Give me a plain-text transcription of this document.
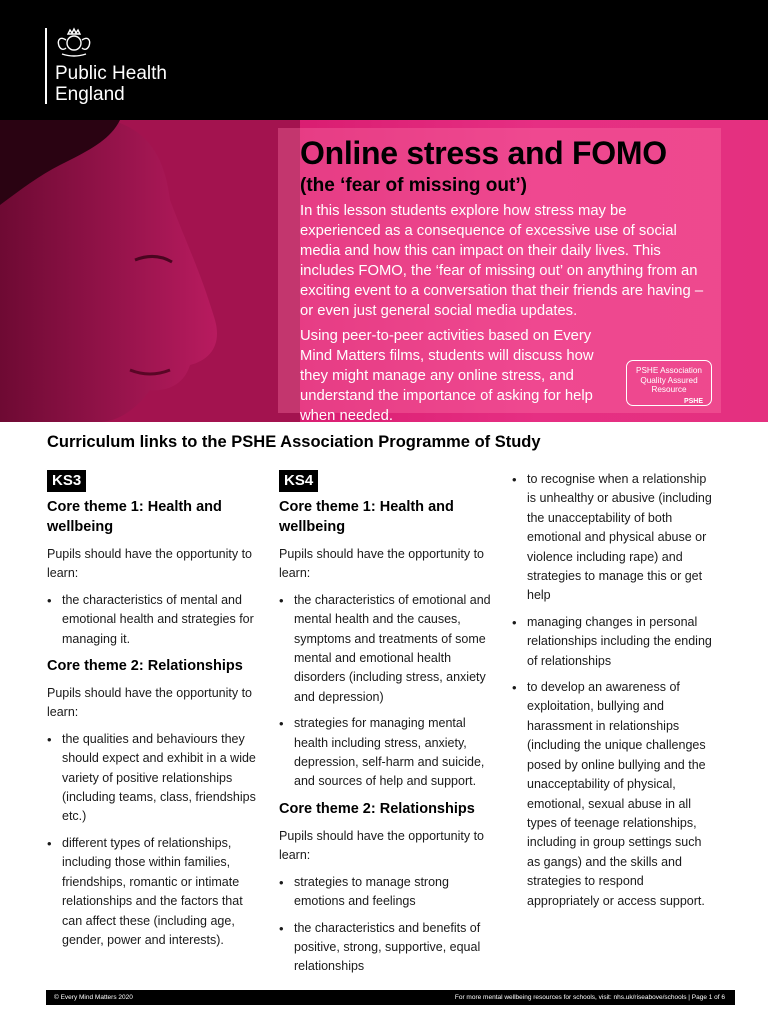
Public Health
England
Online stress and FOMO
(the ‘fear of missing out’)

In this lesson students explore how stress may be experienced as a consequence of excessive use of social media and how this can impact on their daily lives. This includes FOMO, the ‘fear of missing out’ on anything from an exciting event to a conversation that their friends are having – or even just general social media updates.

Using peer-to-peer activities based on Every Mind Matters films, students will discuss how they might manage any online stress, and understand the importance of asking for help when needed.

PSHE Association
Quality Assured
Resource
PSHE
Curriculum links to the PSHE Association Programme of Study
KS3
Core theme 1: Health and wellbeing
Pupils should have the opportunity to learn:
• the characteristics of mental and emotional health and strategies for managing it.
Core theme 2: Relationships
Pupils should have the opportunity to learn:
• the qualities and behaviours they should expect and exhibit in a wide variety of positive relationships (including teams, class, friendships etc.)
• different types of relationships, including those within families, friendships, romantic or intimate relationships and the factors that can affect these (including age, gender, power and interests).
KS4
Core theme 1: Health and wellbeing
Pupils should have the opportunity to learn:
• the characteristics of emotional and mental health and the causes, symptoms and treatments of some mental and emotional health disorders (including stress, anxiety and depression)
• strategies for managing mental health including stress, anxiety, depression, self-harm and suicide, and sources of help and support.
Core theme 2: Relationships
Pupils should have the opportunity to learn:
• strategies to manage strong emotions and feelings
• the characteristics and benefits of positive, strong, supportive, equal relationships
• to recognise when a relationship is unhealthy or abusive (including the unacceptability of both emotional and physical abuse or violence including rape) and strategies to manage this or get help
• managing changes in personal relationships including the ending of relationships
• to develop an awareness of exploitation, bullying and harassment in relationships (including the unique challenges posed by online bullying and the unacceptability of physical, emotional, sexual abuse in all types of teenage relationships, including in group settings such as gangs) and the skills and strategies to respond appropriately or access support.
© Every Mind Matters 2020	For more mental wellbeing resources for schools, visit: nhs.uk/riseabove/schools | Page 1 of 6
